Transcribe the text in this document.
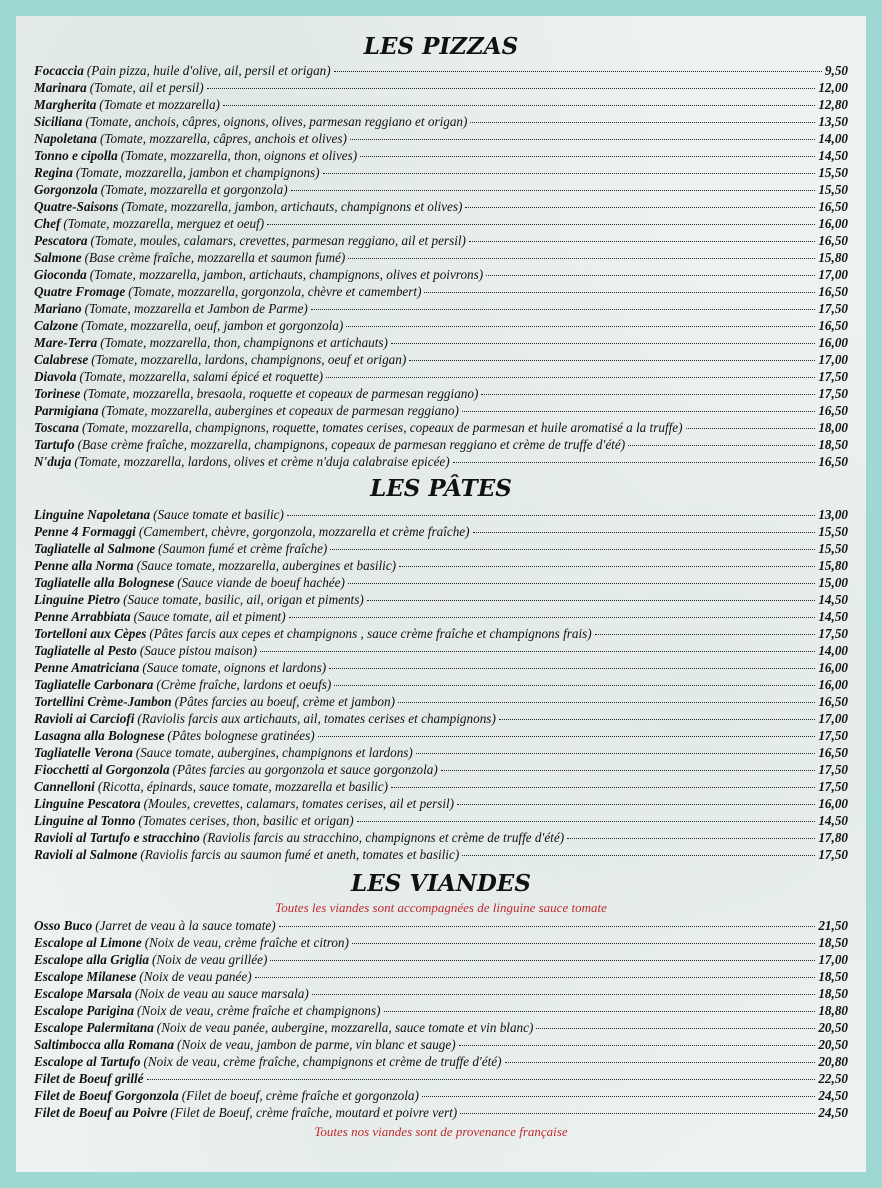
LES PIZZAS
Focaccia (Pain pizza, huile d'olive, ail, persil et origan)	9,50
Marinara (Tomate, ail et persil)	12,00
Margherita (Tomate et mozzarella)	12,80
Siciliana (Tomate, anchois, câpres, oignons, olives, parmesan reggiano et origan)	13,50
Napoletana (Tomate, mozzarella, câpres, anchois et olives)	14,00
Tonno e cipolla (Tomate, mozzarella, thon, oignons et olives)	14,50
Regina (Tomate, mozzarella, jambon et champignons)	15,50
Gorgonzola (Tomate, mozzarella et gorgonzola)	15,50
Quatre-Saisons (Tomate, mozzarella, jambon, artichauts, champignons et olives)	16,50
Chef (Tomate, mozzarella, merguez et oeuf)	16,00
Pescatora (Tomate, moules, calamars, crevettes, parmesan reggiano, ail et persil)	16,50
Salmone (Base crème fraîche, mozzarella et saumon fumé)	15,80
Gioconda (Tomate, mozzarella, jambon, artichauts, champignons, olives et poivrons)	17,00
Quatre Fromage (Tomate, mozzarella, gorgonzola, chèvre et camembert)	16,50
Mariano (Tomate, mozzarella et Jambon de Parme)	17,50
Calzone (Tomate, mozzarella, oeuf, jambon et gorgonzola)	16,50
Mare-Terra (Tomate, mozzarella, thon, champignons et artichauts)	16,00
Calabrese (Tomate, mozzarella, lardons, champignons, oeuf et origan)	17,00
Diavola (Tomate, mozzarella, salami épicé et roquette)	17,50
Torinese (Tomate, mozzarella, bresaola, roquette et copeaux de parmesan reggiano)	17,50
Parmigiana (Tomate, mozzarella, aubergines et copeaux de parmesan reggiano)	16,50
Toscana (Tomate, mozzarella, champignons, roquette, tomates cerises, copeaux de parmesan et huile aromatisé a la truffe)	18,00
Tartufo (Base crème fraîche, mozzarella, champignons, copeaux de parmesan reggiano et crème de truffe d'été)	18,50
N'duja (Tomate, mozzarella, lardons, olives et crème n'duja calabraise epicée)	16,50
LES PÂTES
Linguine Napoletana (Sauce tomate et basilic)	13,00
Penne 4 Formaggi (Camembert, chèvre, gorgonzola, mozzarella et crème fraîche)	15,50
Tagliatelle al Salmone (Saumon fumé et crème fraîche)	15,50
Penne alla Norma (Sauce tomate, mozzarella, aubergines et basilic)	15,80
Tagliatelle alla Bolognese (Sauce viande de boeuf hachée)	15,00
Linguine Pietro (Sauce tomate, basilic, ail, origan et piments)	14,50
Penne Arrabbiata (Sauce tomate, ail et piment)	14,50
Tortelloni aux Cèpes (Pâtes farcis aux cepes et champignons , sauce crème fraîche et champignons frais)	17,50
Tagliatelle al Pesto (Sauce pistou maison)	14,00
Penne Amatriciana (Sauce tomate, oignons et lardons)	16,00
Tagliatelle Carbonara (Crème fraîche, lardons et oeufs)	16,00
Tortellini Crème-Jambon (Pâtes farcies au boeuf, crème et jambon)	16,50
Ravioli ai Carciofi (Raviolis farcis aux artichauts, ail, tomates cerises et champignons)	17,00
Lasagna alla Bolognese (Pâtes bolognese gratinées)	17,50
Tagliatelle Verona (Sauce tomate, aubergines, champignons et lardons)	16,50
Fiocchetti al Gorgonzola (Pâtes farcies au gorgonzola et sauce gorgonzola)	17,50
Cannelloni (Ricotta, épinards, sauce tomate, mozzarella et basilic)	17,50
Linguine Pescatora (Moules, crevettes, calamars, tomates cerises, ail et persil)	16,00
Linguine al Tonno (Tomates cerises, thon, basilic et origan)	14,50
Ravioli al Tartufo e stracchino (Raviolis farcis au stracchino, champignons et crème de truffe d'été)	17,80
Ravioli al Salmone (Raviolis farcis au saumon fumé et aneth, tomates et basilic)	17,50
LES VIANDES
Toutes les viandes sont accompagnées de linguine sauce tomate
Osso Buco (Jarret de veau à la sauce tomate)	21,50
Escalope al Limone (Noix de veau, crème fraîche et citron)	18,50
Escalope alla Griglia (Noix de veau grillée)	17,00
Escalope Milanese (Noix de veau panée)	18,50
Escalope Marsala (Noix de veau au sauce marsala)	18,50
Escalope Parigina (Noix de veau, crème fraîche et champignons)	18,80
Escalope Palermitana (Noix de veau panée, aubergine, mozzarella, sauce tomate et vin blanc)	20,50
Saltimbocca alla Romana (Noix de veau, jambon de parme, vin blanc et sauge)	20,50
Escalope al Tartufo (Noix de veau, crème fraîche, champignons et crème de truffe d'été)	20,80
Filet de Boeuf grillé	22,50
Filet de Boeuf Gorgonzola (Filet de boeuf, crème fraîche et gorgonzola)	24,50
Filet de Boeuf au Poivre (Filet de Boeuf, crème fraîche, moutard et poivre vert)	24,50
Toutes nos viandes sont de provenance française
